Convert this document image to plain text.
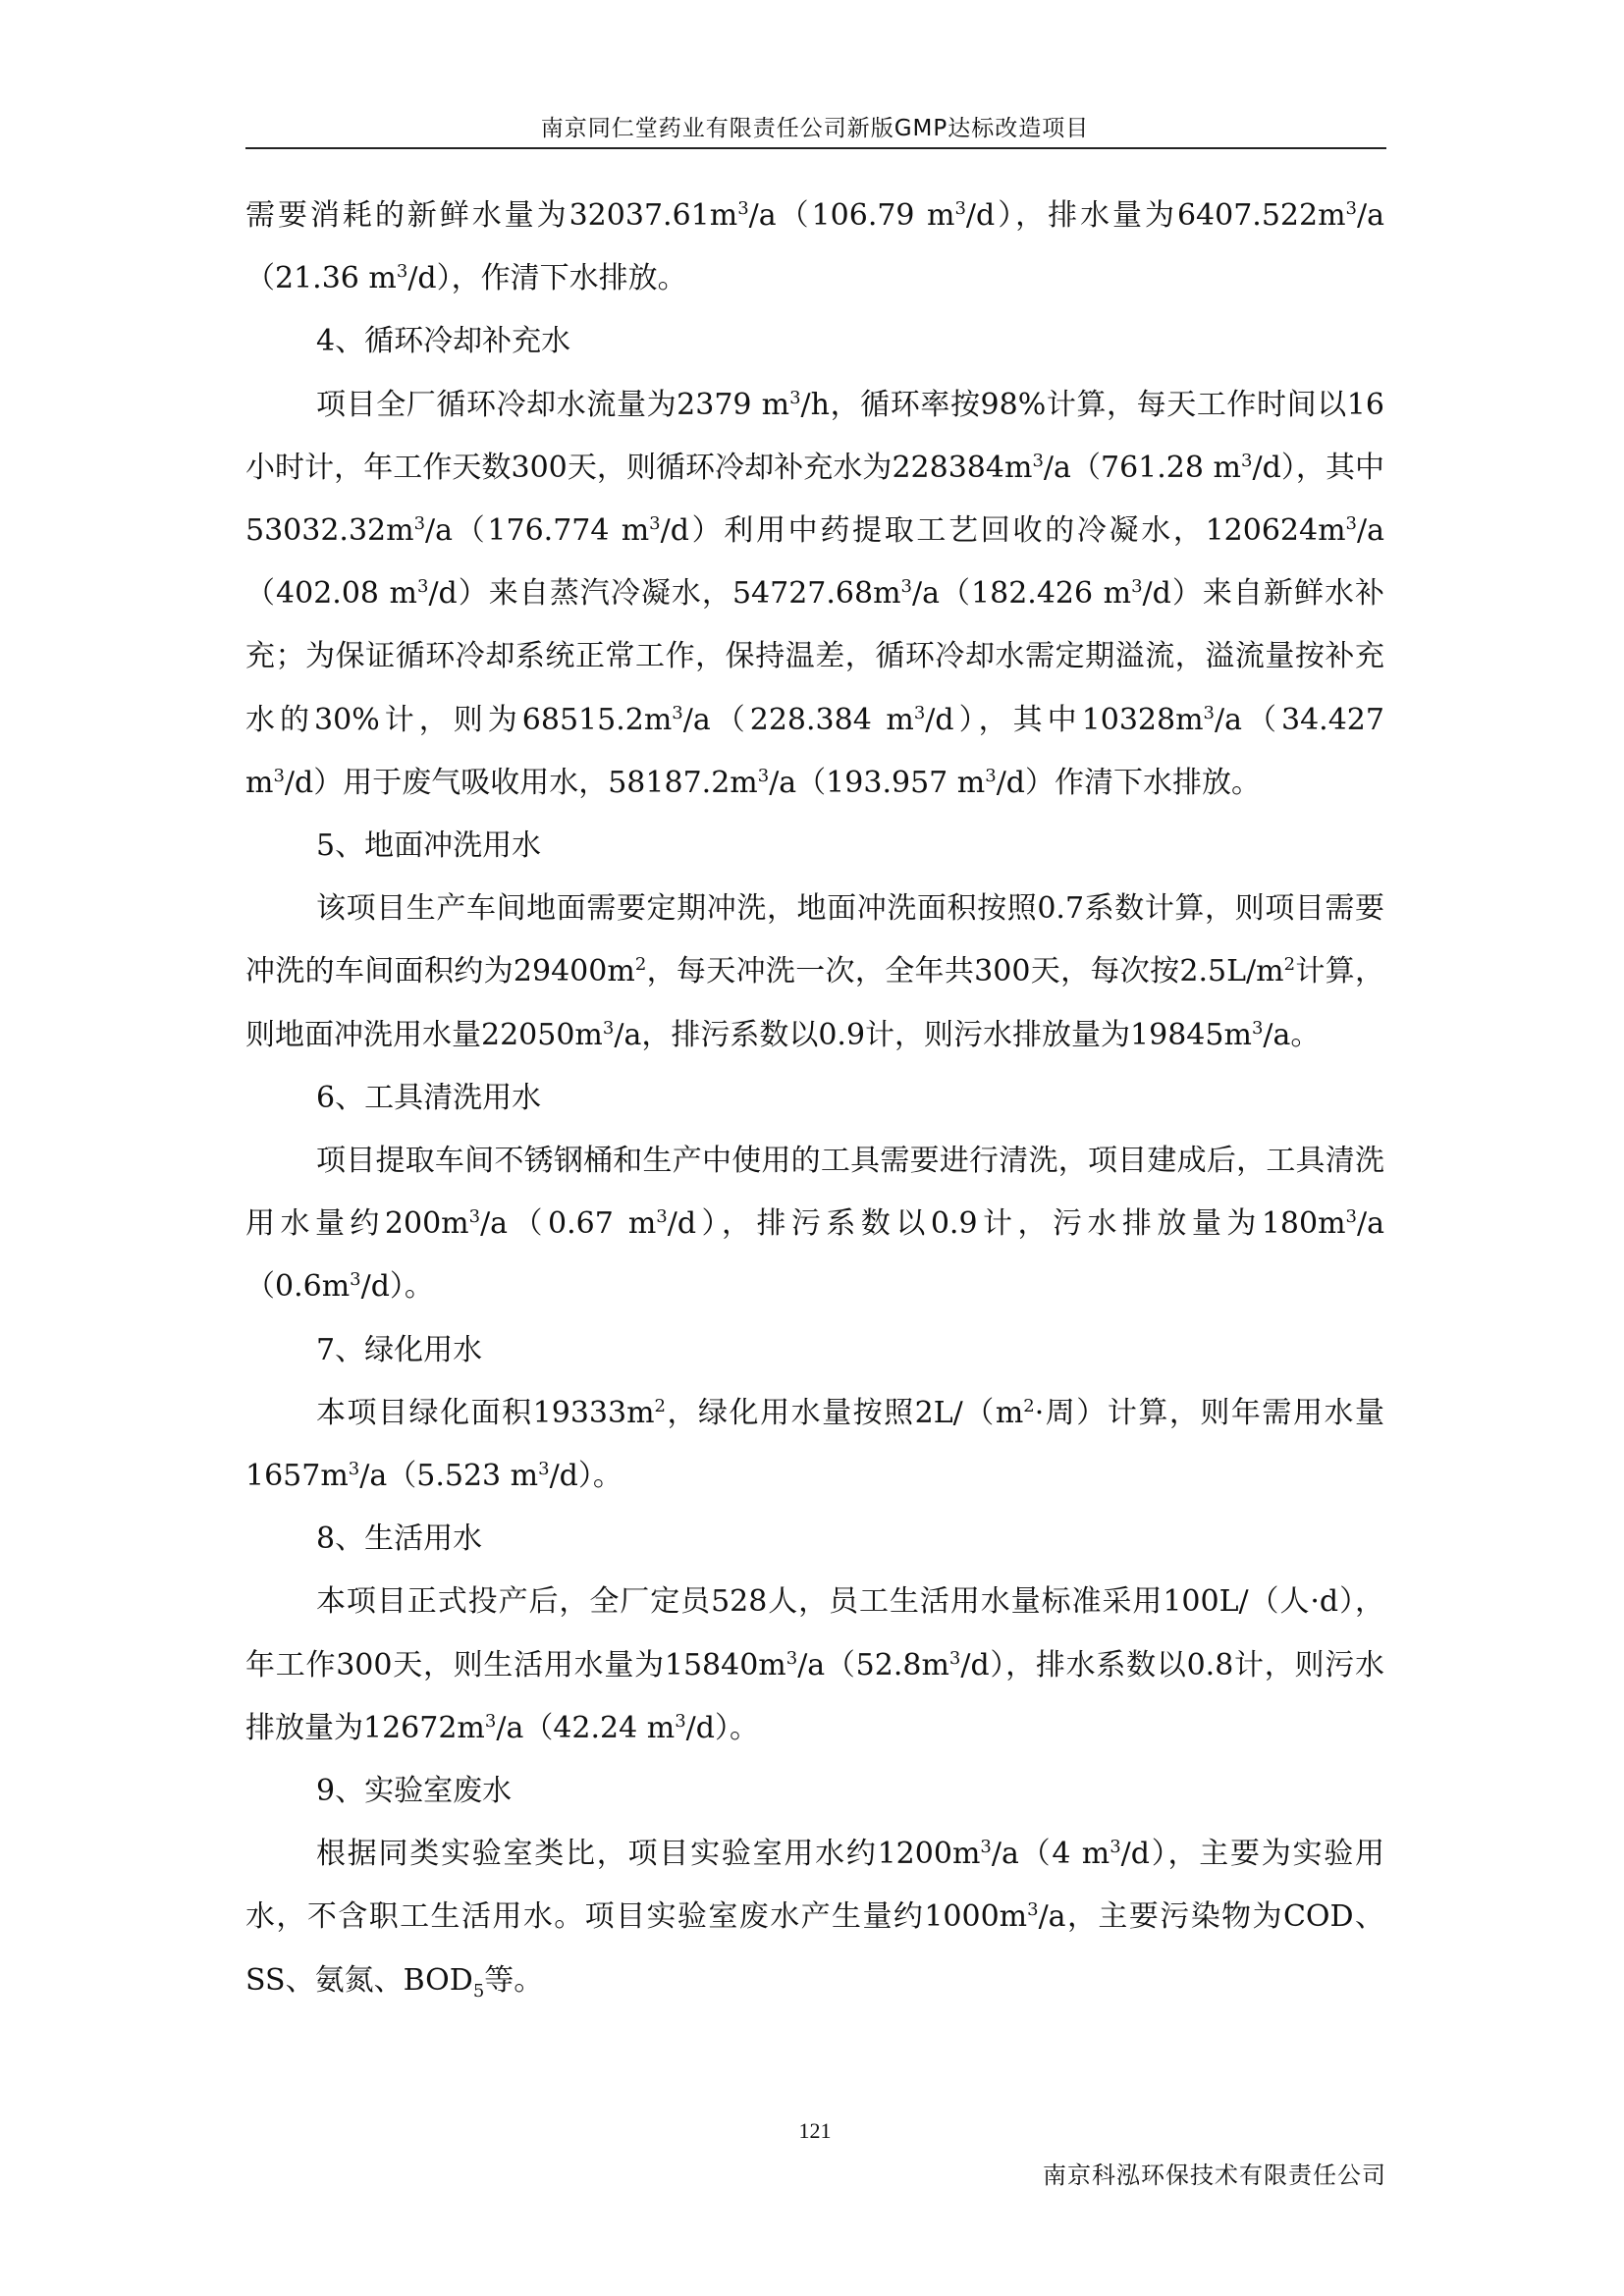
南京同仁堂药业有限责任公司新版GMP达标改造项目

需要消耗的新鲜水量为$32037.61m^3/a(106.79$ $m^3/d$），排水量为$6407.522m^3/a(21.36$ $m^3/d$），作清下水排放。

4、循环冷却补充水

项目全厂循环冷却水流量为2379 $m^3/h$，循环率按98%计算，每天工作时间以16小时计，年工作天数300天，则循环冷却补充水为$228384m^3/a(761.28$ $m^3/d$），其中$53032.32m^3/a(176.774$ $m^3/d$）利用中药提取工艺回收的冷凝水，$120624m^3/a(402.08$ $m^3/d$）来自蒸汽冷凝水，$54727.68m^3/a(182.426$ $m^3/d$）来自新鲜水补充；为保证循环冷却系统正常工作，保持温差，循环冷却水需定期溢流，溢流量按补充水的30%计，则为$68515.2m^3/a(228.384$ $m^3/d$），其中$10328m^3/a(34.427$ $m^3/d$）用于废气吸收用水，$58187.2m^3/a(193.957$ $m^3/d$）作清下水排放。

5、地面冲洗用水

该项目生产车间地面需要定期冲洗，地面冲洗面积按照0.7系数计算，则项目需要冲洗的车间面积约为$29400m^2$，每天冲洗一次，全年共300天，每次按$2.5L/m^2$计算，则地面冲洗用水量$22050m^3/a$，排污系数以0.9计，则污水排放量为$19845m^3/a$。

6、工具清洗用水

项目提取车间不锈钢桶和生产中使用的工具需要进行清洗，项目建成后，工具清洗用水量约$200m^3/a(0.67$ $m^3/d$），排污系数以0.9计，污水排放量为$180m^3/a(0.6m^3/d)$。

7、绿化用水

本项目绿化面积$19333m^2$，绿化用水量按照$2L/(m^2\cdot$周）计算，则年需用水量$1657m^3/a(5.523$ $m^3/d$）。

8、生活用水

本项目正式投产后，全厂定员528人，员工生活用水量标准采用100L/（人·d），年工作300天，则生活用水量为$15840m^3/a(52.8m^3/d)$，排水系数以0.8计，则污水排放量为$12672m^3/a(42.24$ $m^3/d$）。

9、实验室废水

根据同类实验室类比，项目实验室用水约$1200m^3/a(4$ $m^3/d$），主要为实验用水，不含职工生活用水。项目实验室废水产生量约$1000m^3/a$，主要污染物为COD、SS、氨氮、$BOD_5$等。

121
南京科泓环保技术有限责任公司
